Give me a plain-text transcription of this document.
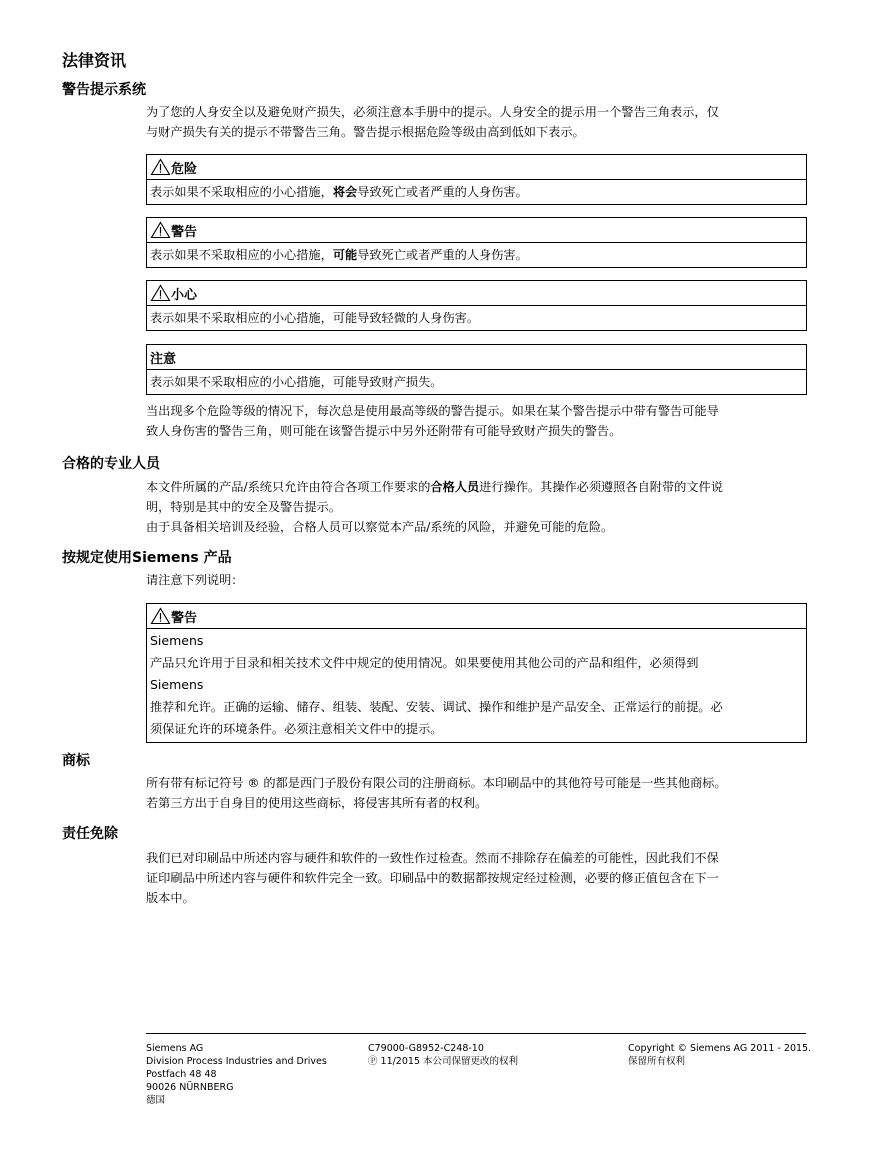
法律资讯
警告提示系统
为了您的人身安全以及避免财产损失，必须注意本手册中的提示。人身安全的提示用一个警告三角表示，仅
与财产损失有关的提示不带警告三角。警告提示根据危险等级由高到低如下表示。
危险
表示如果不采取相应的小心措施，将会导致死亡或者严重的人身伤害。
警告
表示如果不采取相应的小心措施，可能导致死亡或者严重的人身伤害。
小心
表示如果不采取相应的小心措施，可能导致轻微的人身伤害。
注意
表示如果不采取相应的小心措施，可能导致财产损失。
当出现多个危险等级的情况下，每次总是使用最高等级的警告提示。如果在某个警告提示中带有警告可能导
致人身伤害的警告三角，则可能在该警告提示中另外还附带有可能导致财产损失的警告。
合格的专业人员
本文件所属的产品/系统只允许由符合各项工作要求的合格人员进行操作。其操作必须遵照各自附带的文件说
明，特别是其中的安全及警告提示。
由于具备相关培训及经验，合格人员可以察觉本产品/系统的风险，并避免可能的危险。
按规定使用Siemens 产品
请注意下列说明：
警告
Siemens
产品只允许用于目录和相关技术文件中规定的使用情况。如果要使用其他公司的产品和组件，必须得到
Siemens
推荐和允许。正确的运输、储存、组装、装配、安装、调试、操作和维护是产品安全、正常运行的前提。必
须保证允许的环境条件。必须注意相关文件中的提示。
商标
所有带有标记符号 ® 的都是西门子股份有限公司的注册商标。本印刷品中的其他符号可能是一些其他商标。
若第三方出于自身目的使用这些商标，将侵害其所有者的权利。
责任免除
我们已对印刷品中所述内容与硬件和软件的一致性作过检查。然而不排除存在偏差的可能性，因此我们不保
证印刷品中所述内容与硬件和软件完全一致。印刷品中的数据都按规定经过检测，必要的修正值包含在下一
版本中。
Siemens AG
Division Process Industries and Drives
Postfach 48 48
90026 NÜRNBERG
德国
C79000-G8952-C248-10
Ⓟ 11/2015 本公司保留更改的权利
Copyright © Siemens AG 2011 - 2015.
保留所有权利
